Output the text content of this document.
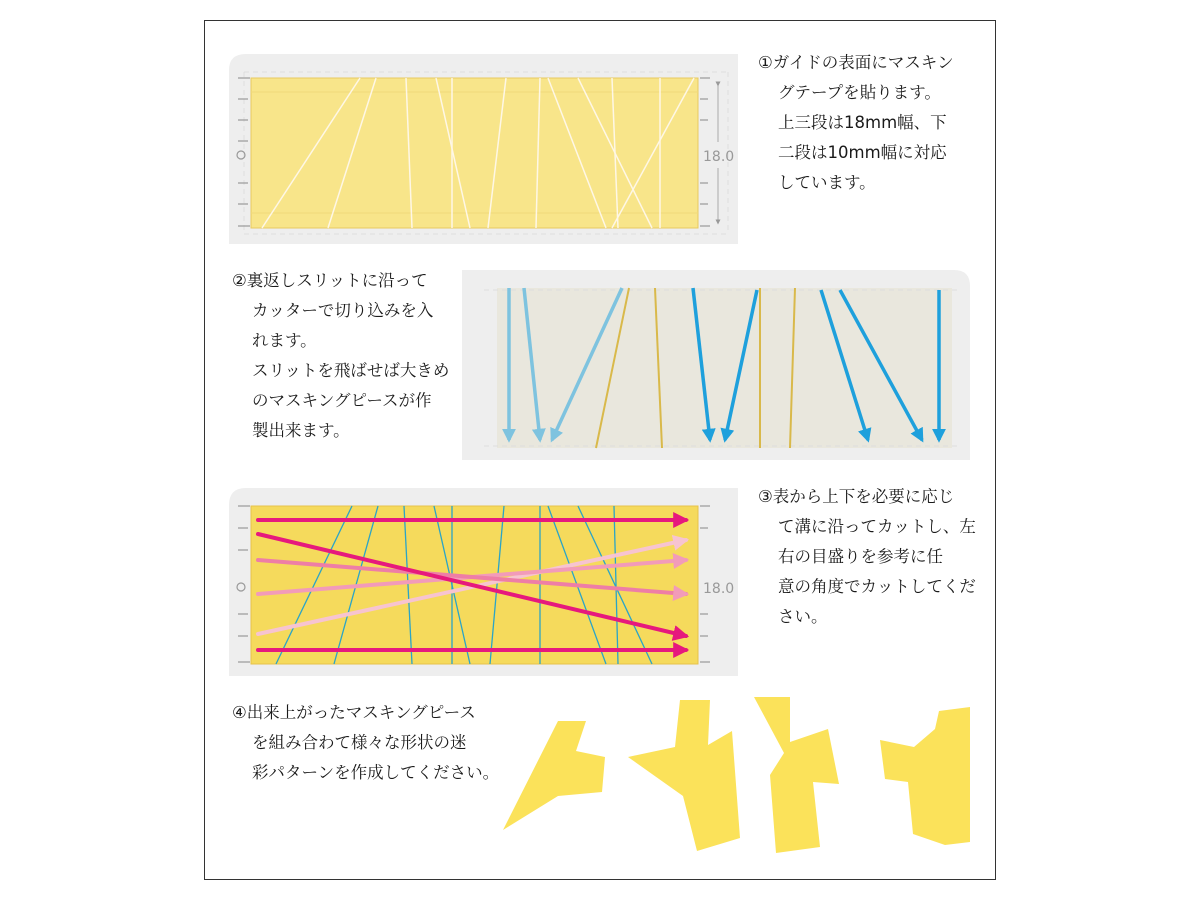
①ガイドの表面にマスキン
グテープを貼ります。
上三段は18mm幅、下
二段は10mm幅に対応
しています。
②裏返しスリットに沿って
カッターで切り込みを入
れます。
スリットを飛ばせば大きめ
のマスキングピースが作
製出来ます。
③表から上下を必要に応じ
て溝に沿ってカットし、左
右の目盛りを参考に任
意の角度でカットしてくだ
さい。
④出来上がったマスキングピース
を組み合わて様々な形状の迷
彩パターンを作成してください。
18.0
18.0
